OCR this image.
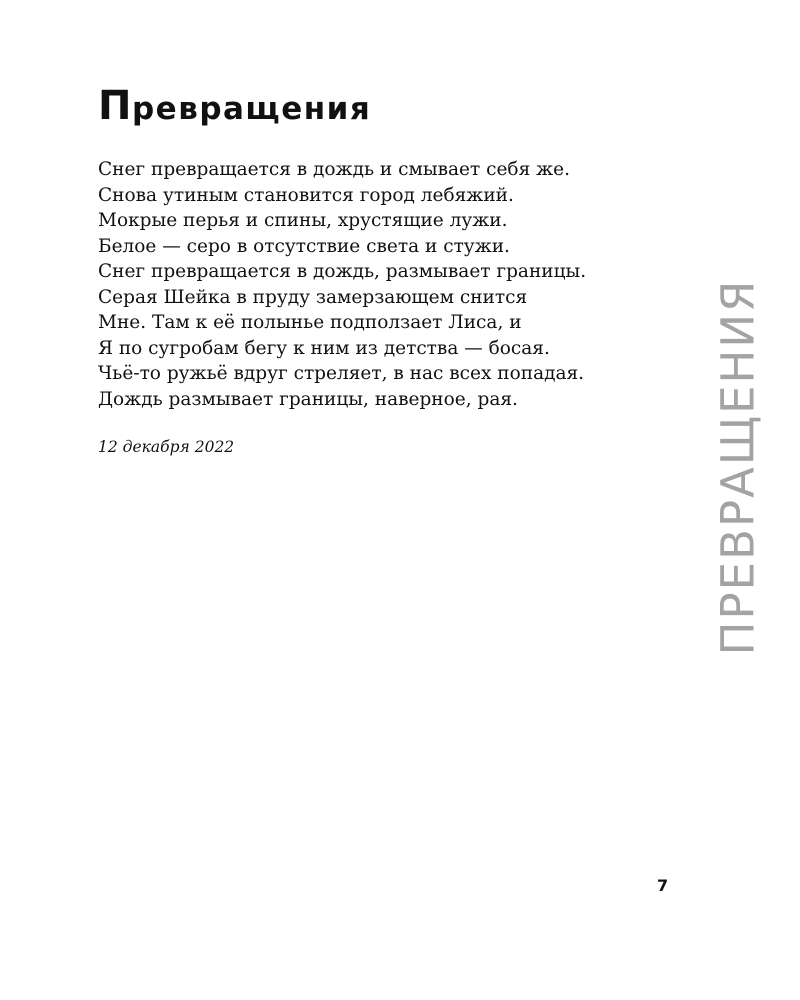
Превращения
Снег превращается в дождь и смывает себя же.
Снова утиным становится город лебяжий.
Мокрые перья и спины, хрустящие лужи.
Белое — серо в отсутствие света и стужи.
Снег превращается в дождь, размывает границы.
Серая Шейка в пруду замерзающем снится
Мне. Там к её полынье подползает Лиса, и
Я по сугробам бегу к ним из детства — босая.
Чьё-то ружьё вдруг стреляет, в нас всех попадая.
Дождь размывает границы, наверное, рая.

12 декабря 2022	ПРЕВРАЩЕНИЯ
7
